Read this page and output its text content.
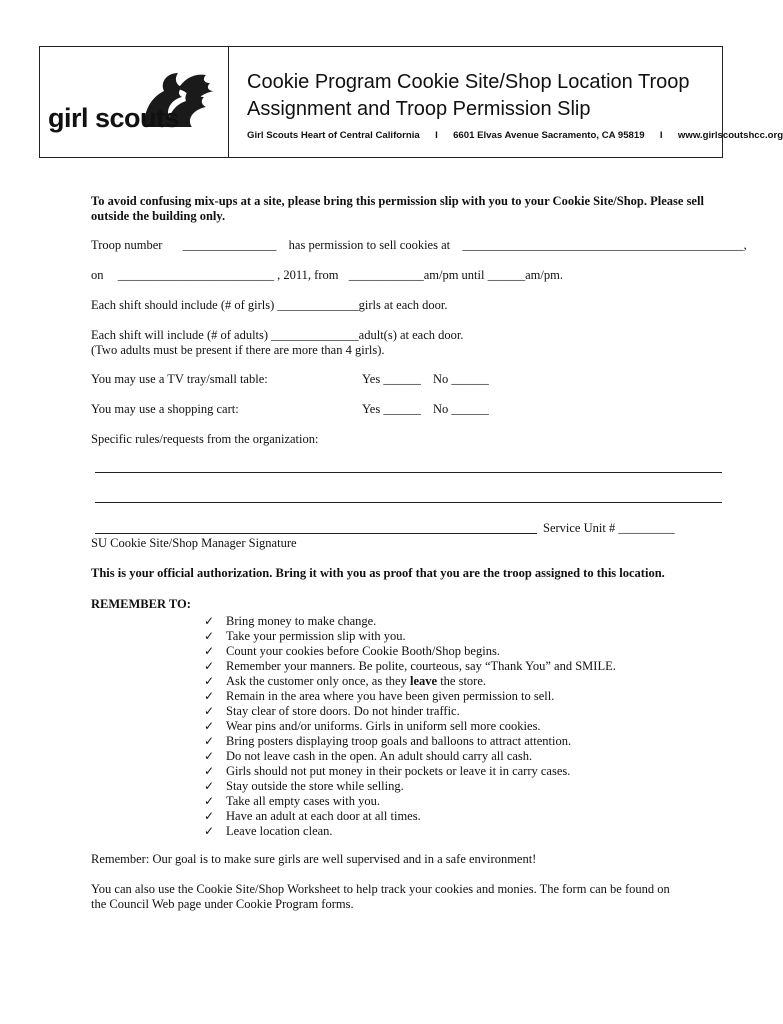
girl scouts
Cookie Program Cookie Site/Shop Location Troop Assignment and Troop Permission Slip
Girl Scouts Heart of Central California I 6601 Elvas Avenue Sacramento, CA 95819 I www.girlscoutshcc.org
To avoid confusing mix-ups at a site, please bring this permission slip with you to your Cookie Site/Shop. Please sell outside the building only.
Troop number _______________ has permission to sell cookies at _____________________________________________,
on _________________________ , 2011, from ____________am/pm until ______am/pm.
Each shift should include (# of girls) _____________girls at each door.
Each shift will include (# of adults) ______________adult(s) at each door.
(Two adults must be present if there are more than 4 girls).
You may use a TV tray/small table:	Yes ______ No ______
You may use a shopping cart:	Yes ______ No ______
Specific rules/requests from the organization:
Service Unit # _________
SU Cookie Site/Shop Manager Signature
This is your official authorization. Bring it with you as proof that you are the troop assigned to this location.
REMEMBER TO:
✓ Bring money to make change.
✓ Take your permission slip with you.
✓ Count your cookies before Cookie Booth/Shop begins.
✓ Remember your manners. Be polite, courteous, say “Thank You” and SMILE.
✓ Ask the customer only once, as they leave the store.
✓ Remain in the area where you have been given permission to sell.
✓ Stay clear of store doors. Do not hinder traffic.
✓ Wear pins and/or uniforms. Girls in uniform sell more cookies.
✓ Bring posters displaying troop goals and balloons to attract attention.
✓ Do not leave cash in the open. An adult should carry all cash.
✓ Girls should not put money in their pockets or leave it in carry cases.
✓ Stay outside the store while selling.
✓ Take all empty cases with you.
✓ Have an adult at each door at all times.
✓ Leave location clean.
Remember: Our goal is to make sure girls are well supervised and in a safe environment!
You can also use the Cookie Site/Shop Worksheet to help track your cookies and monies. The form can be found on
the Council Web page under Cookie Program forms.
